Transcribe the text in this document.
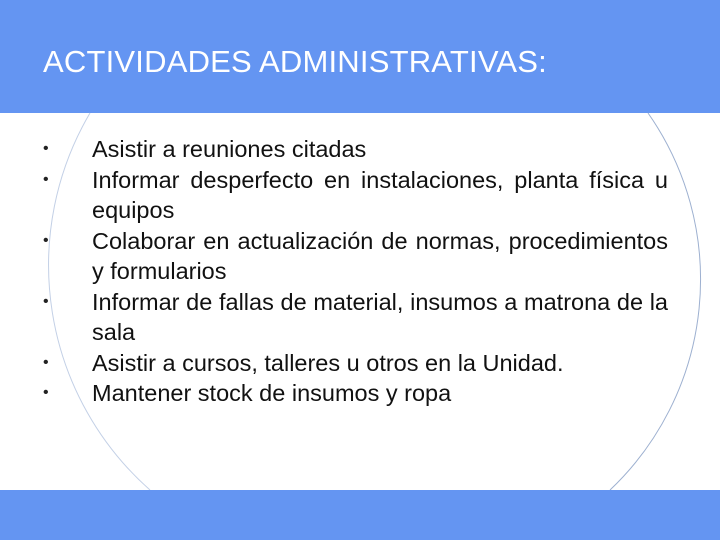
ACTIVIDADES ADMINISTRATIVAS:
• Asistir a reuniones citadas
• Informar desperfecto en instalaciones, planta física u equipos
• Colaborar en actualización de normas, procedimientos y formularios
• Informar de fallas de material, insumos a matrona de la sala
• Asistir a cursos, talleres u otros en la Unidad.
• Mantener stock de insumos y ropa
